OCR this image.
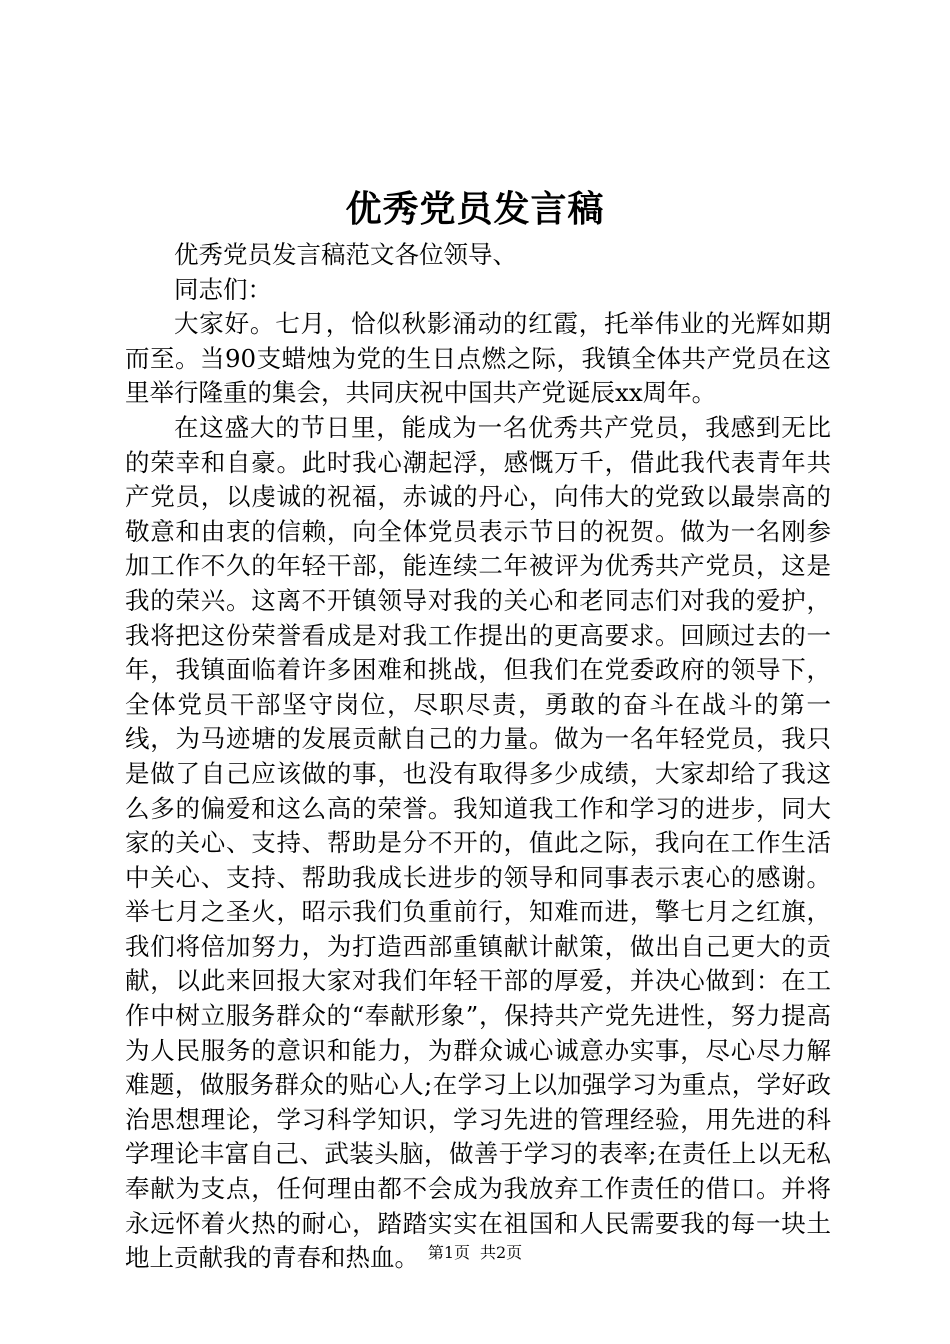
优秀党员发言稿

优秀党员发言稿范文各位领导、

同志们：

大家好。七月，恰似秋影涌动的红霞，托举伟业的光辉如期而至。当90支蜡烛为党的生日点燃之际，我镇全体共产党员在这里举行隆重的集会，共同庆祝中国共产党诞辰xx周年。

在这盛大的节日里，能成为一名优秀共产党员，我感到无比的荣幸和自豪。此时我心潮起浮，感慨万千，借此我代表青年共产党员，以虔诚的祝福，赤诚的丹心，向伟大的党致以最崇高的敬意和由衷的信赖，向全体党员表示节日的祝贺。做为一名刚参加工作不久的年轻干部，能连续二年被评为优秀共产党员，这是我的荣兴。这离不开镇领导对我的关心和老同志们对我的爱护，我将把这份荣誉看成是对我工作提出的更高要求。回顾过去的一年，我镇面临着许多困难和挑战，但我们在党委政府的领导下，全体党员干部坚守岗位，尽职尽责，勇敢的奋斗在战斗的第一线，为马迹塘的发展贡献自己的力量。做为一名年轻党员，我只是做了自己应该做的事，也没有取得多少成绩，大家却给了我这么多的偏爱和这么高的荣誉。我知道我工作和学习的进步，同大家的关心、支持、帮助是分不开的，值此之际，我向在工作生活中关心、支持、帮助我成长进步的领导和同事表示衷心的感谢。举七月之圣火，昭示我们负重前行，知难而进，擎七月之红旗，我们将倍加努力，为打造西部重镇献计献策，做出自己更大的贡献，以此来回报大家对我们年轻干部的厚爱，并决心做到：在工作中树立服务群众的“奉献形象”，保持共产党先进性，努力提高为人民服务的意识和能力，为群众诚心诚意办实事，尽心尽力解难题，做服务群众的贴心人;在学习上以加强学习为重点，学好政治思想理论，学习科学知识，学习先进的管理经验，用先进的科学理论丰富自己、武装头脑，做善于学习的表率;在责任上以无私奉献为支点，任何理由都不会成为我放弃工作责任的借口。并将永远怀着火热的耐心，踏踏实实在祖国和人民需要我的每一块土地上贡献我的青春和热血。 第1页 共2页
